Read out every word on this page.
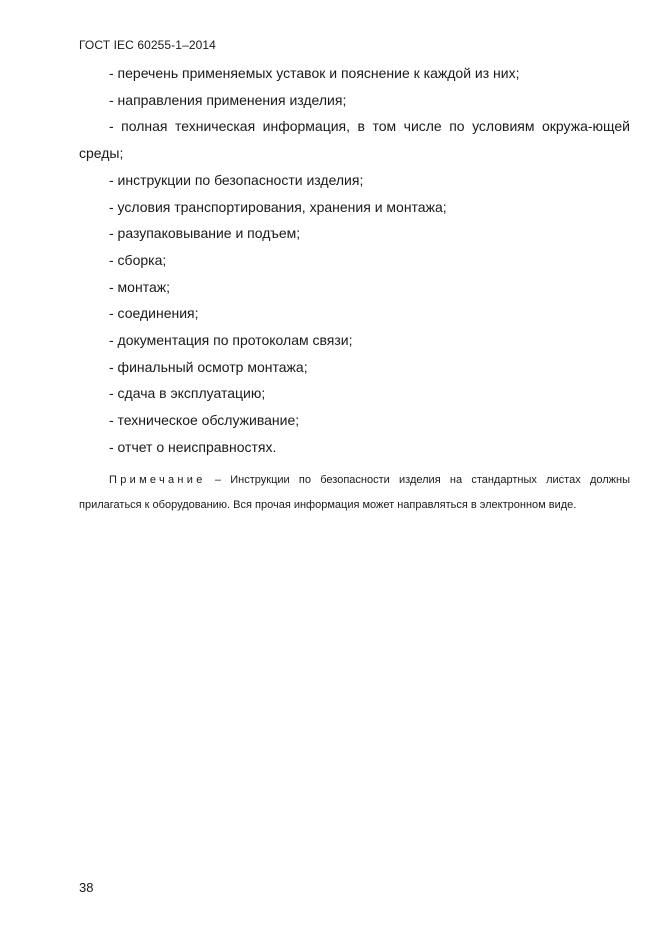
ГОСТ IEC 60255-1–2014
- перечень применяемых уставок и пояснение к каждой из них;
- направления применения изделия;
- полная техническая информация, в том числе по условиям окружа-ющей среды;
- инструкции по безопасности изделия;
- условия транспортирования, хранения и монтажа;
- разупаковывание и подъем;
- сборка;
- монтаж;
- соединения;
- документация по протоколам связи;
- финальный осмотр монтажа;
- сдача в эксплуатацию;
- техническое обслуживание;
- отчет о неисправностях.

Примечание – Инструкции по безопасности изделия на стандартных листах должны прилагаться к оборудованию. Вся прочая информация может направляться в электронном виде.

38
